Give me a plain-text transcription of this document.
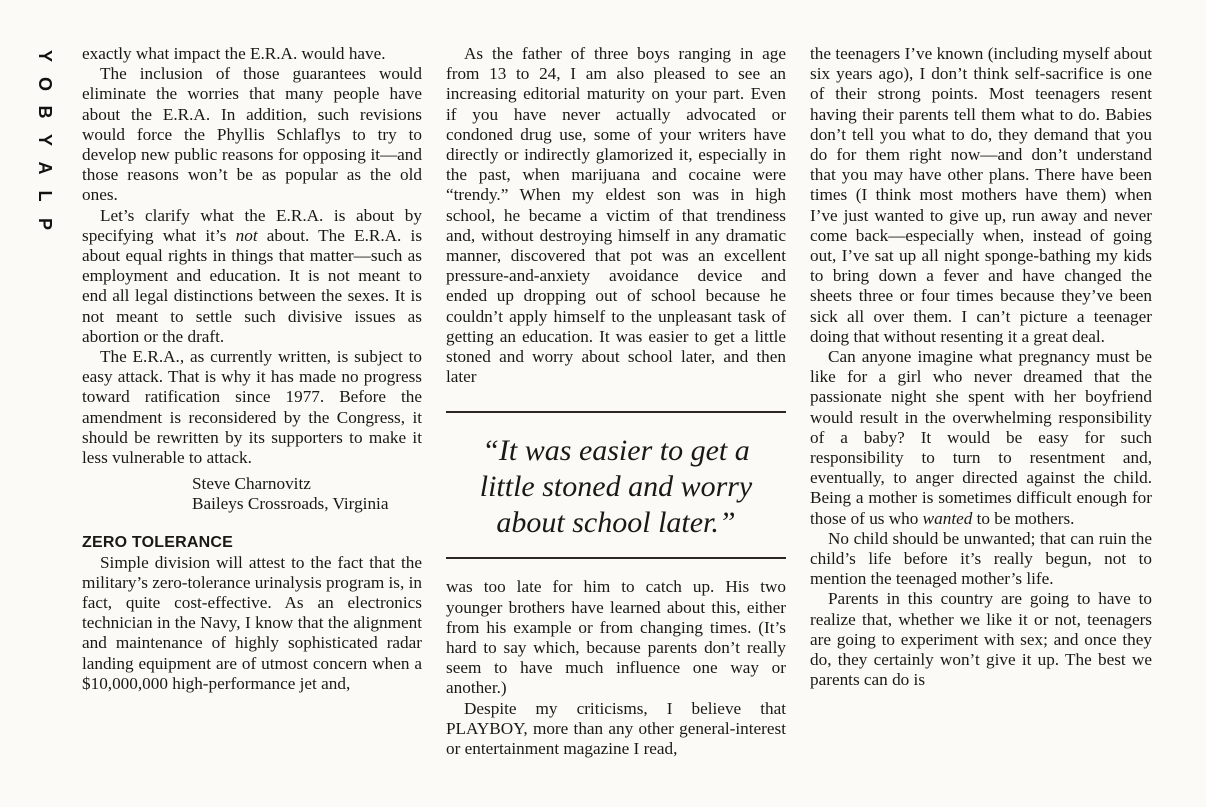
Y
O
B
Y
A
L
P

exactly what impact the E.R.A. would have.

The inclusion of those guarantees would eliminate the worries that many people have about the E.R.A. In addition, such revisions would force the Phyllis Schlaflys to try to develop new public reasons for opposing it—and those reasons won’t be as popular as the old ones.

Let’s clarify what the E.R.A. is about by specifying what it’s not about. The E.R.A. is about equal rights in things that matter—such as employment and education. It is not meant to end all legal distinctions between the sexes. It is not meant to settle such divisive issues as abortion or the draft.

The E.R.A., as currently written, is subject to easy attack. That is why it has made no progress toward ratification since 1977. Before the amendment is reconsidered by the Congress, it should be rewritten by its supporters to make it less vulnerable to attack.

Steve Charnovitz
Baileys Crossroads, Virginia
ZERO TOLERANCE

Simple division will attest to the fact that the military’s zero-tolerance urinalysis program is, in fact, quite cost-effective. As an electronics technician in the Navy, I know that the alignment and maintenance of highly sophisticated radar landing equipment are of utmost concern when a $10,000,000 high-performance jet and,

As the father of three boys ranging in age from 13 to 24, I am also pleased to see an increasing editorial maturity on your part. Even if you have never actually advocated or condoned drug use, some of your writers have directly or indirectly glamorized it, especially in the past, when marijuana and cocaine were “trendy.” When my eldest son was in high school, he became a victim of that trendiness and, without destroying himself in any dramatic manner, discovered that pot was an excellent pressure-and-anxiety avoidance device and ended up dropping out of school because he couldn’t apply himself to the unpleasant task of getting an education. It was easier to get a little stoned and worry about school later, and then later

“It was easier to get a little stoned and worry about school later.”

was too late for him to catch up. His two younger brothers have learned about this, either from his example or from changing times. (It’s hard to say which, because parents don’t really seem to have much influence one way or another.)

Despite my criticisms, I believe that PLAYBOY, more than any other general-interest or entertainment magazine I read,

the teenagers I’ve known (including myself about six years ago), I don’t think self-sacrifice is one of their strong points. Most teenagers resent having their parents tell them what to do. Babies don’t tell you what to do, they demand that you do for them right now—and don’t understand that you may have other plans. There have been times (I think most mothers have them) when I’ve just wanted to give up, run away and never come back—especially when, instead of going out, I’ve sat up all night sponge-bathing my kids to bring down a fever and have changed the sheets three or four times because they’ve been sick all over them. I can’t picture a teenager doing that without resenting it a great deal.

Can anyone imagine what pregnancy must be like for a girl who never dreamed that the passionate night she spent with her boyfriend would result in the overwhelming responsibility of a baby? It would be easy for such responsibility to turn to resentment and, eventually, to anger directed against the child. Being a mother is sometimes difficult enough for those of us who wanted to be mothers.

No child should be unwanted; that can ruin the child’s life before it’s really begun, not to mention the teenaged mother’s life.

Parents in this country are going to have to realize that, whether we like it or not, teenagers are going to experiment with sex; and once they do, they certainly won’t give it up. The best we parents can do is
